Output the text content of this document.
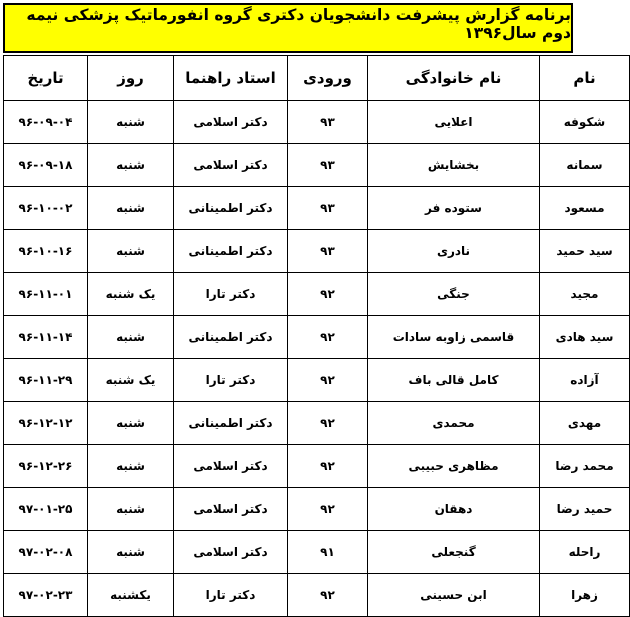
برنامه گزارش پیشرفت دانشجویان دکتری گروه انفورماتیک پزشکی نیمه دوم سال۱۳۹۶
نام	نام خانوادگی	ورودی	استاد راهنما	روز	تاریخ
شکوفه	اعلایی	۹۳	دکتر اسلامی	شنبه	۹۶-۰۹-۰۴
سمانه	بخشایش	۹۳	دکتر اسلامی	شنبه	۹۶-۰۹-۱۸
مسعود	ستوده فر	۹۳	دکتر اطمینانی	شنبه	۹۶-۱۰-۰۲
سید حمید	نادری	۹۳	دکتر اطمینانی	شنبه	۹۶-۱۰-۱۶
مجید	جنگی	۹۲	دکتر تارا	یک شنبه	۹۶-۱۱-۰۱
سید هادی	قاسمی زاوبه سادات	۹۲	دکتر اطمینانی	شنبه	۹۶-۱۱-۱۴
آزاده	کامل قالی باف	۹۲	دکتر تارا	یک شنبه	۹۶-۱۱-۲۹
مهدی	محمدی	۹۲	دکتر اطمینانی	شنبه	۹۶-۱۲-۱۲
محمد رضا	مظاهری حبیبی	۹۲	دکتر اسلامی	شنبه	۹۶-۱۲-۲۶
حمید رضا	دهقان	۹۲	دکتر اسلامی	شنبه	۹۷-۰۱-۲۵
راحله	گنجعلی	۹۱	دکتر اسلامی	شنبه	۹۷-۰۲-۰۸
زهرا	ابن حسینی	۹۲	دکتر تارا	یکشنبه	۹۷-۰۲-۲۳
